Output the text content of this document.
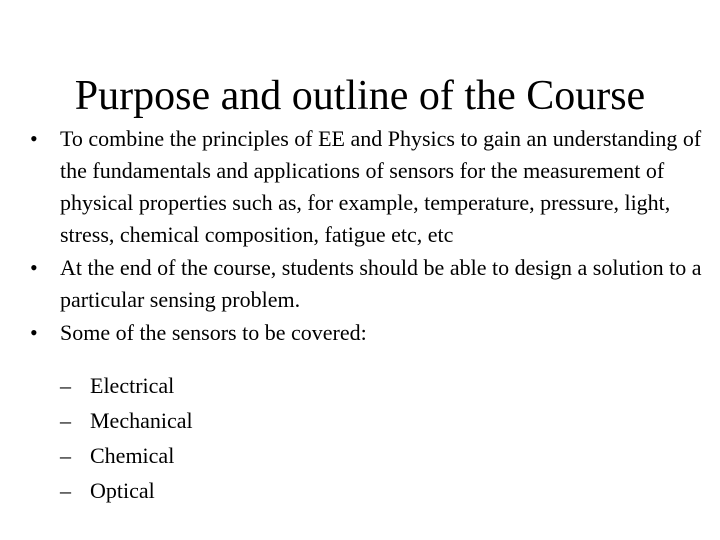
Purpose and outline of the Course
•	To combine the principles of EE and Physics to gain an understanding of the fundamentals and applications of sensors for the measurement of physical properties such as, for example, temperature, pressure, light, stress, chemical composition, fatigue etc, etc
•	At the end of the course, students should be able to design a solution to a particular sensing problem.
•	Some of the sensors to be covered:
– Electrical
– Mechanical
– Chemical
– Optical
